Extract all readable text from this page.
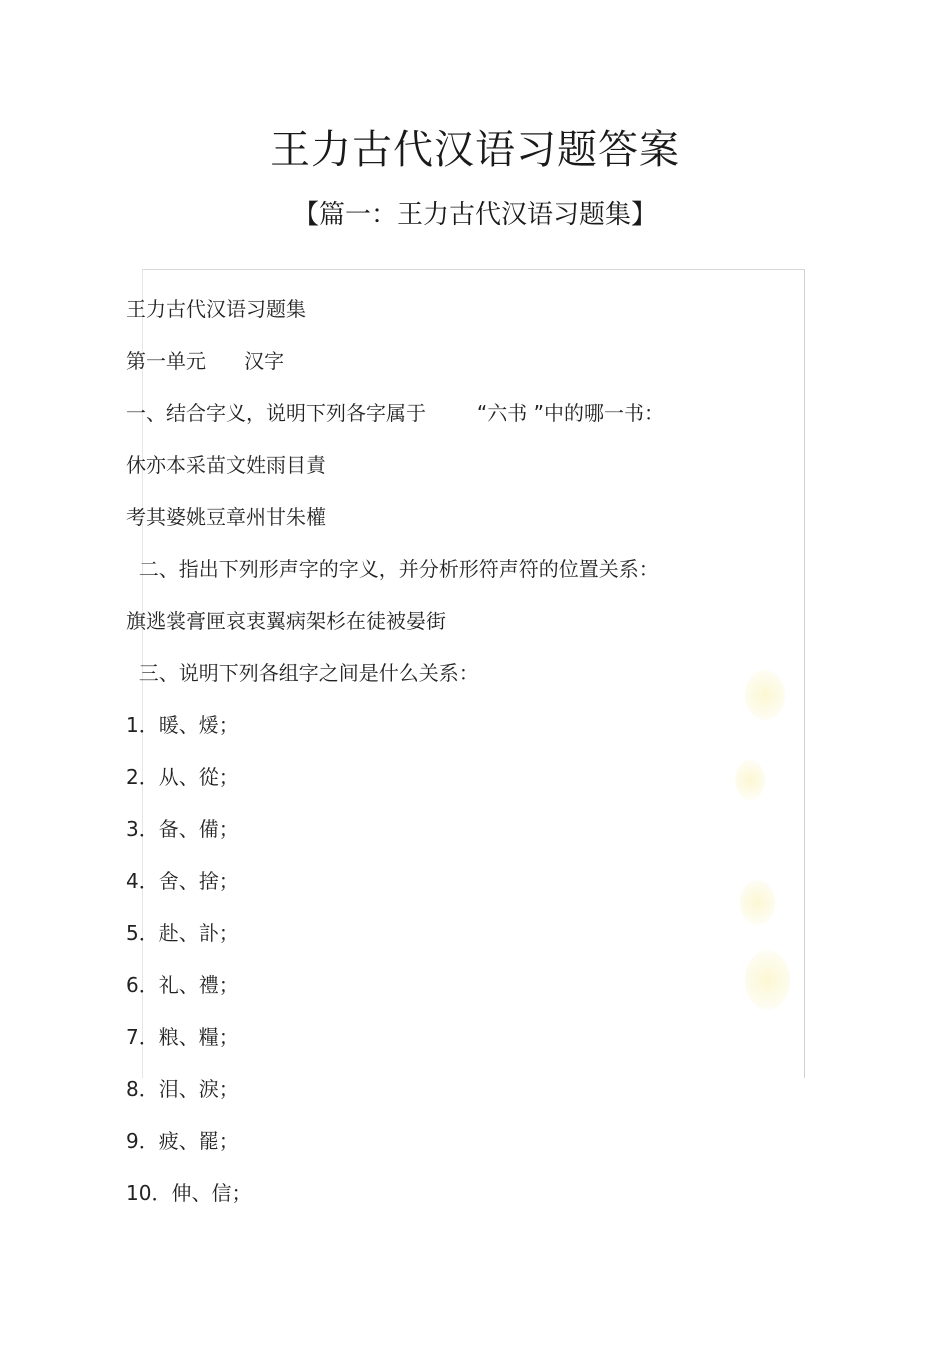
王力古代汉语习题答案
【篇一：王力古代汉语习题集】
王力古代汉语习题集
第一单元      汉字
一、结合字义，说明下列各字属于        “六书 ”中的哪一书：
休亦本采苗文姓雨目責
考其婆姚豆章州甘朱權
二、指出下列形声字的字义，并分析形符声符的位置关系：
旗逃裳膏匣哀衷翼病架杉在徒被晏街
三、说明下列各组字之间是什么关系：
1．暖、煖；
2．从、從；
3．备、備；
4．舍、捨；
5．赴、訃；
6．礼、禮；
7．粮、糧；
8．泪、淚；
9．疲、罷；
10．伸、信；
